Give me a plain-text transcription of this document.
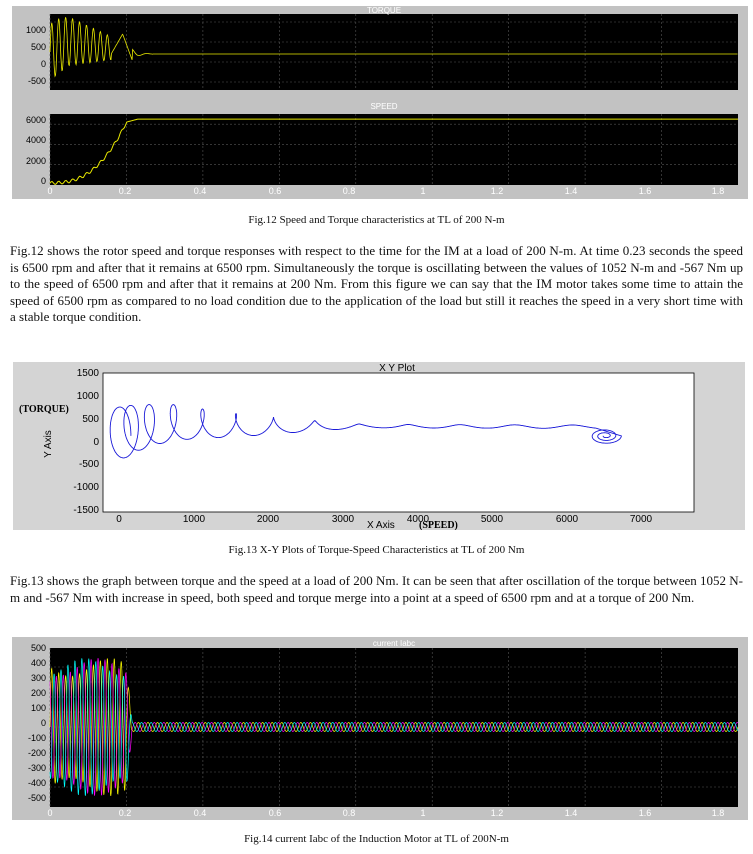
TORQUE
1000
500
0
-500
SPEED
6000
4000
2000
0
0	0.2	0.4	0.6	0.8	1	1.2	1.4	1.6	1.8
Fig.12 Speed and Torque characteristics at TL of 200 N-m

Fig.12 shows the rotor speed and torque responses with respect to the time for the IM at a load of 200 N-m. At time 0.23 seconds the speed is 6500 rpm and after that it remains at 6500 rpm. Simultaneously the torque is oscillating between the values of 1052 N-m and -567 Nm up to the speed of 6500 rpm and after that it remains at 200 Nm. From this figure we can say that the IM motor takes some time to attain the speed of 6500 rpm as compared to no load condition due to the application of the load but still it reaches the speed in a very short time with a stable torque condition.

X Y Plot
1500
1000
500
0
-500
-1000
-1500
0	1000	2000	3000	4000	5000	6000	7000
(TORQUE)
Y Axis
X Axis (SPEED)
Fig.13 X-Y Plots of Torque-Speed Characteristics at TL of 200 Nm

Fig.13 shows the graph between torque and the speed at a load of 200 Nm. It can be seen that after oscillation of the torque between 1052 N-m and -567 Nm with increase in speed, both speed and torque merge into a point at a speed of 6500 rpm and at a torque of 200 Nm.

current Iabc
500
400
300
200
100
0
-100
-200
-300
-400
-500
0	0.2	0.4	0.6	0.8	1	1.2	1.4	1.6	1.8
Fig.14 current Iabc of the Induction Motor at TL of 200N-m
